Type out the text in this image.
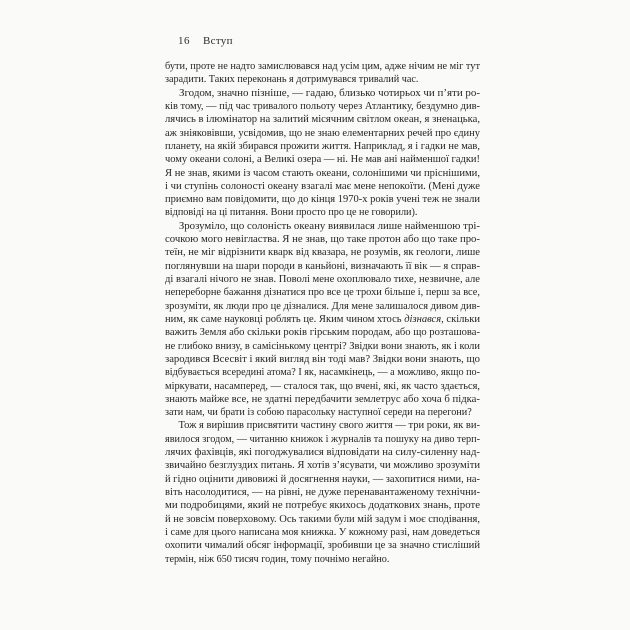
16 Вступ
бути, проте не надто замислювався над усім цим, адже нічим не міг тут
зарадити. Таких переконань я дотримувався тривалий час.
Згодом, значно пізніше, — гадаю, близько чотирьох чи п’яти ро-
ків тому, — під час тривалого польоту через Атлантику, бездумно див-
лячись в ілюмінатор на залитий місячним світлом океан, я зненацька,
аж зніяковівши, усвідомив, що не знаю елементарних речей про єдину
планету, на якій збирався прожити життя. Наприклад, я і гадки не мав,
чому океани солоні, а Великі озера — ні. Не мав ані найменшої гадки!
Я не знав, якими із часом стають океани, солонішими чи пріснішими,
і чи ступінь солоності океану взагалі має мене непокоїти. (Мені дуже
приємно вам повідомити, що до кінця 1970-х років учені теж не знали
відповіді на ці питання. Вони просто про це не говорили).
Зрозуміло, що солоність океану виявилася лише найменшою трі-
сочкою мого невігластва. Я не знав, що таке протон або що таке про-
теїн, не міг відрізнити кварк від квазара, не розумів, як геологи, лише
поглянувши на шари породи в каньйоні, визначають її вік — я справ-
ді взагалі нічого не знав. Поволі мене охоплювало тихе, незвичне, але
непереборне бажання дізнатися про все це трохи більше і, перш за все,
зрозуміти, як люди про це дізналися. Для мене залишалося дивом див-
ним, як саме науковці роблять це. Яким чином хтось дізнався, скільки
важить Земля або скільки років гірським породам, або що розташова-
не глибоко внизу, в самісінькому центрі? Звідки вони знають, як і коли
зародився Всесвіт і який вигляд він тоді мав? Звідки вони знають, що
відбувається всередині атома? І як, насамкінець, — а можливо, якщо по-
міркувати, насамперед, — сталося так, що вчені, які, як часто здається,
знають майже все, не здатні передбачити землетрус або хоча б підка-
зати нам, чи брати із собою парасольку наступної середи на перегони?
Тож я вирішив присвятити частину свого життя — три роки, як ви-
явилося згодом, — читанню книжок і журналів та пошуку на диво терп-
лячих фахівців, які погоджувалися відповідати на силу-силенну над-
звичайно безглуздих питань. Я хотів з’ясувати, чи можливо зрозуміти
й гідно оцінити дивовижі й досягнення науки, — захопитися ними, на-
віть насолодитися, — на рівні, не дуже перенавантаженому технічни-
ми подробицями, який не потребує якихось додаткових знань, проте
й не зовсім поверховому. Ось такими були мій задум і моє сподівання,
і саме для цього написана моя книжка. У кожному разі, нам доведеться
охопити чималий обсяг інформації, зробивши це за значно стисліший
термін, ніж 650 тисяч годин, тому почнімо негайно.
